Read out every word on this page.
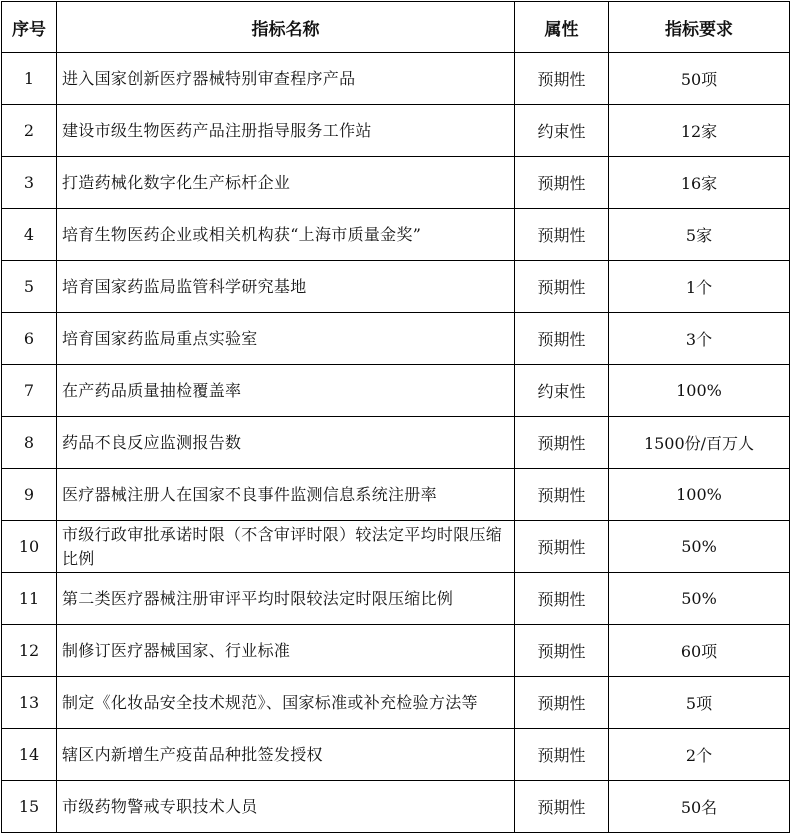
序号	指标名称	属性	指标要求
1	进入国家创新医疗器械特别审查程序产品	预期性	50项
2	建设市级生物医药产品注册指导服务工作站	约束性	12家
3	打造药械化数字化生产标杆企业	预期性	16家
4	培育生物医药企业或相关机构获“上海市质量金奖”	预期性	5家
5	培育国家药监局监管科学研究基地	预期性	1个
6	培育国家药监局重点实验室	预期性	3个
7	在产药品质量抽检覆盖率	约束性	100%
8	药品不良反应监测报告数	预期性	1500份/百万人
9	医疗器械注册人在国家不良事件监测信息系统注册率	预期性	100%
10	市级行政审批承诺时限（不含审评时限）较法定平均时限压缩比例	预期性	50%
11	第二类医疗器械注册审评平均时限较法定时限压缩比例	预期性	50%
12	制修订医疗器械国家、行业标准	预期性	60项
13	制定《化妆品安全技术规范》、国家标准或补充检验方法等	预期性	5项
14	辖区内新增生产疫苗品种批签发授权	预期性	2个
15	市级药物警戒专职技术人员	预期性	50名
